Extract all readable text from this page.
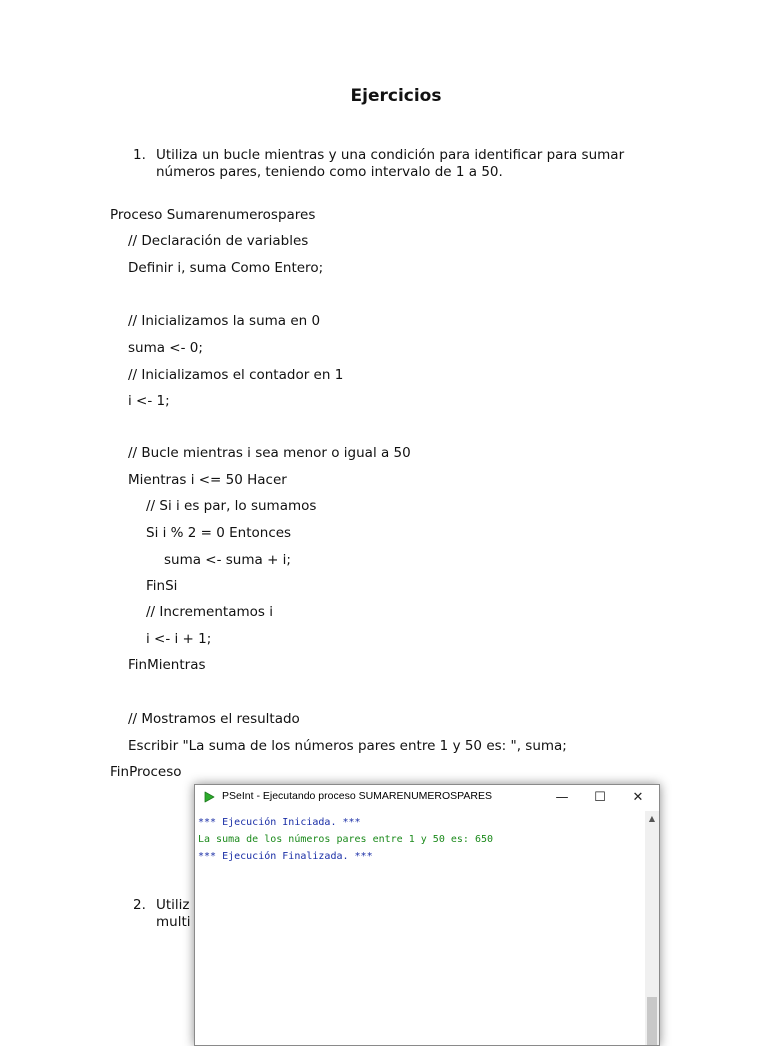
Ejercicios
1. Utiliza un bucle mientras y una condición para identificar para sumar
números pares, teniendo como intervalo de 1 a 50.
Proceso Sumarenumerospares
// Declaración de variables
Definir i, suma Como Entero;
// Inicializamos la suma en 0
suma <- 0;
// Inicializamos el contador en 1
i <- 1;
// Bucle mientras i sea menor o igual a 50
Mientras i <= 50 Hacer
// Si i es par, lo sumamos
Si i % 2 = 0 Entonces
suma <- suma + i;
FinSi
// Incrementamos i
i <- i + 1;
FinMientras
// Mostramos el resultado
Escribir "La suma de los números pares entre 1 y 50 es: ", suma;
FinProceso
2. Utiliz
multi
PSeInt - Ejecutando proceso SUMARENUMEROSPARES	— ☐ ✕
*** Ejecución Iniciada. ***
La suma de los números pares entre 1 y 50 es: 650
*** Ejecución Finalizada. ***
▲
